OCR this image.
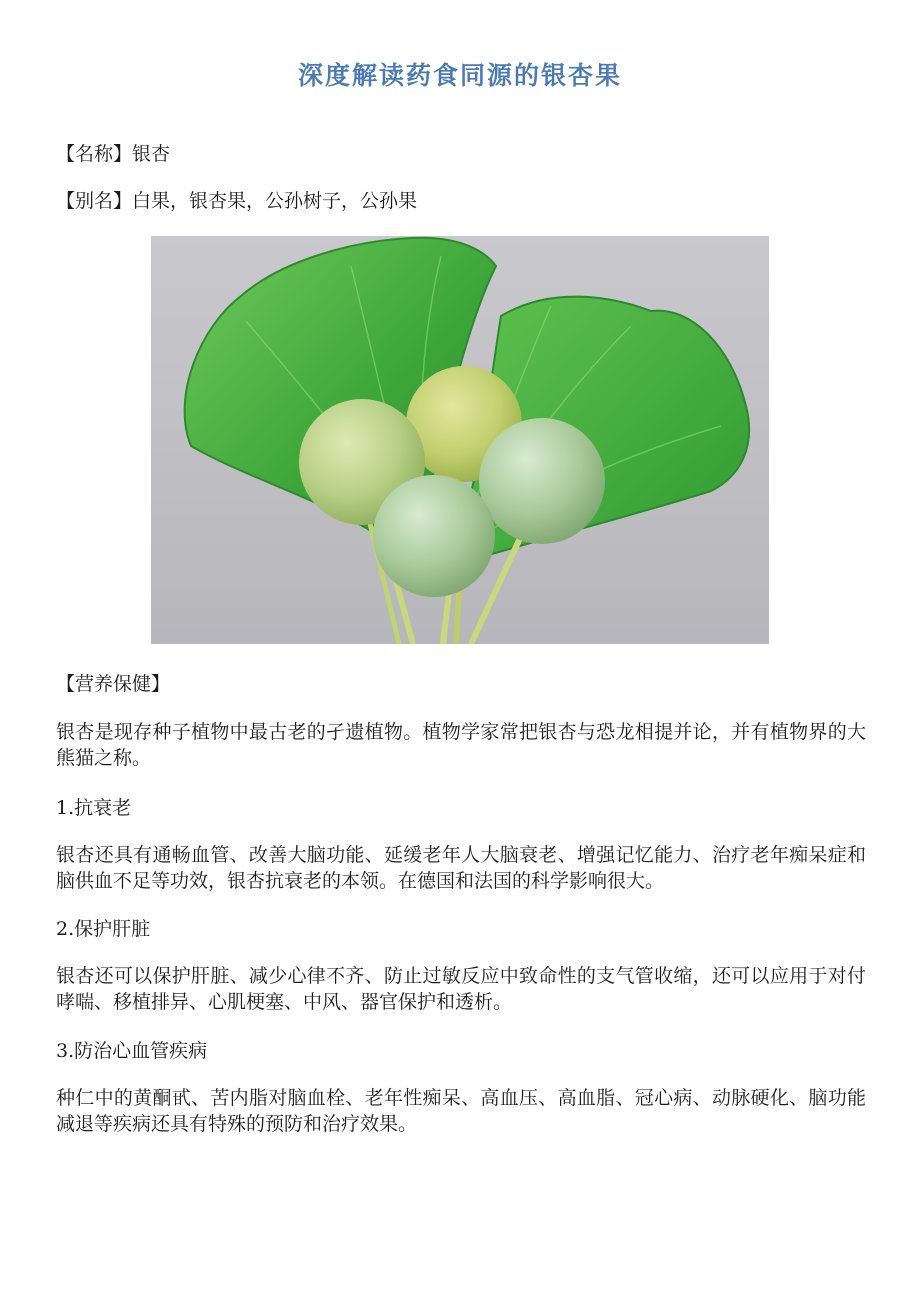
深度解读药食同源的银杏果
【名称】银杏
【别名】白果，银杏果，公孙树子，公孙果
【营养保健】
银杏是现存种子植物中最古老的孑遗植物。植物学家常把银杏与恐龙相提并论，并有植物界的大熊猫之称。
1.抗衰老
银杏还具有通畅血管、改善大脑功能、延缓老年人大脑衰老、增强记忆能力、治疗老年痴呆症和脑供血不足等功效，银杏抗衰老的本领。在德国和法国的科学影响很大。
2.保护肝脏
银杏还可以保护肝脏、减少心律不齐、防止过敏反应中致命性的支气管收缩，还可以应用于对付哮喘、移植排异、心肌梗塞、中风、器官保护和透析。
3.防治心血管疾病
种仁中的黄酮甙、苦内脂对脑血栓、老年性痴呆、高血压、高血脂、冠心病、动脉硬化、脑功能减退等疾病还具有特殊的预防和治疗效果。
